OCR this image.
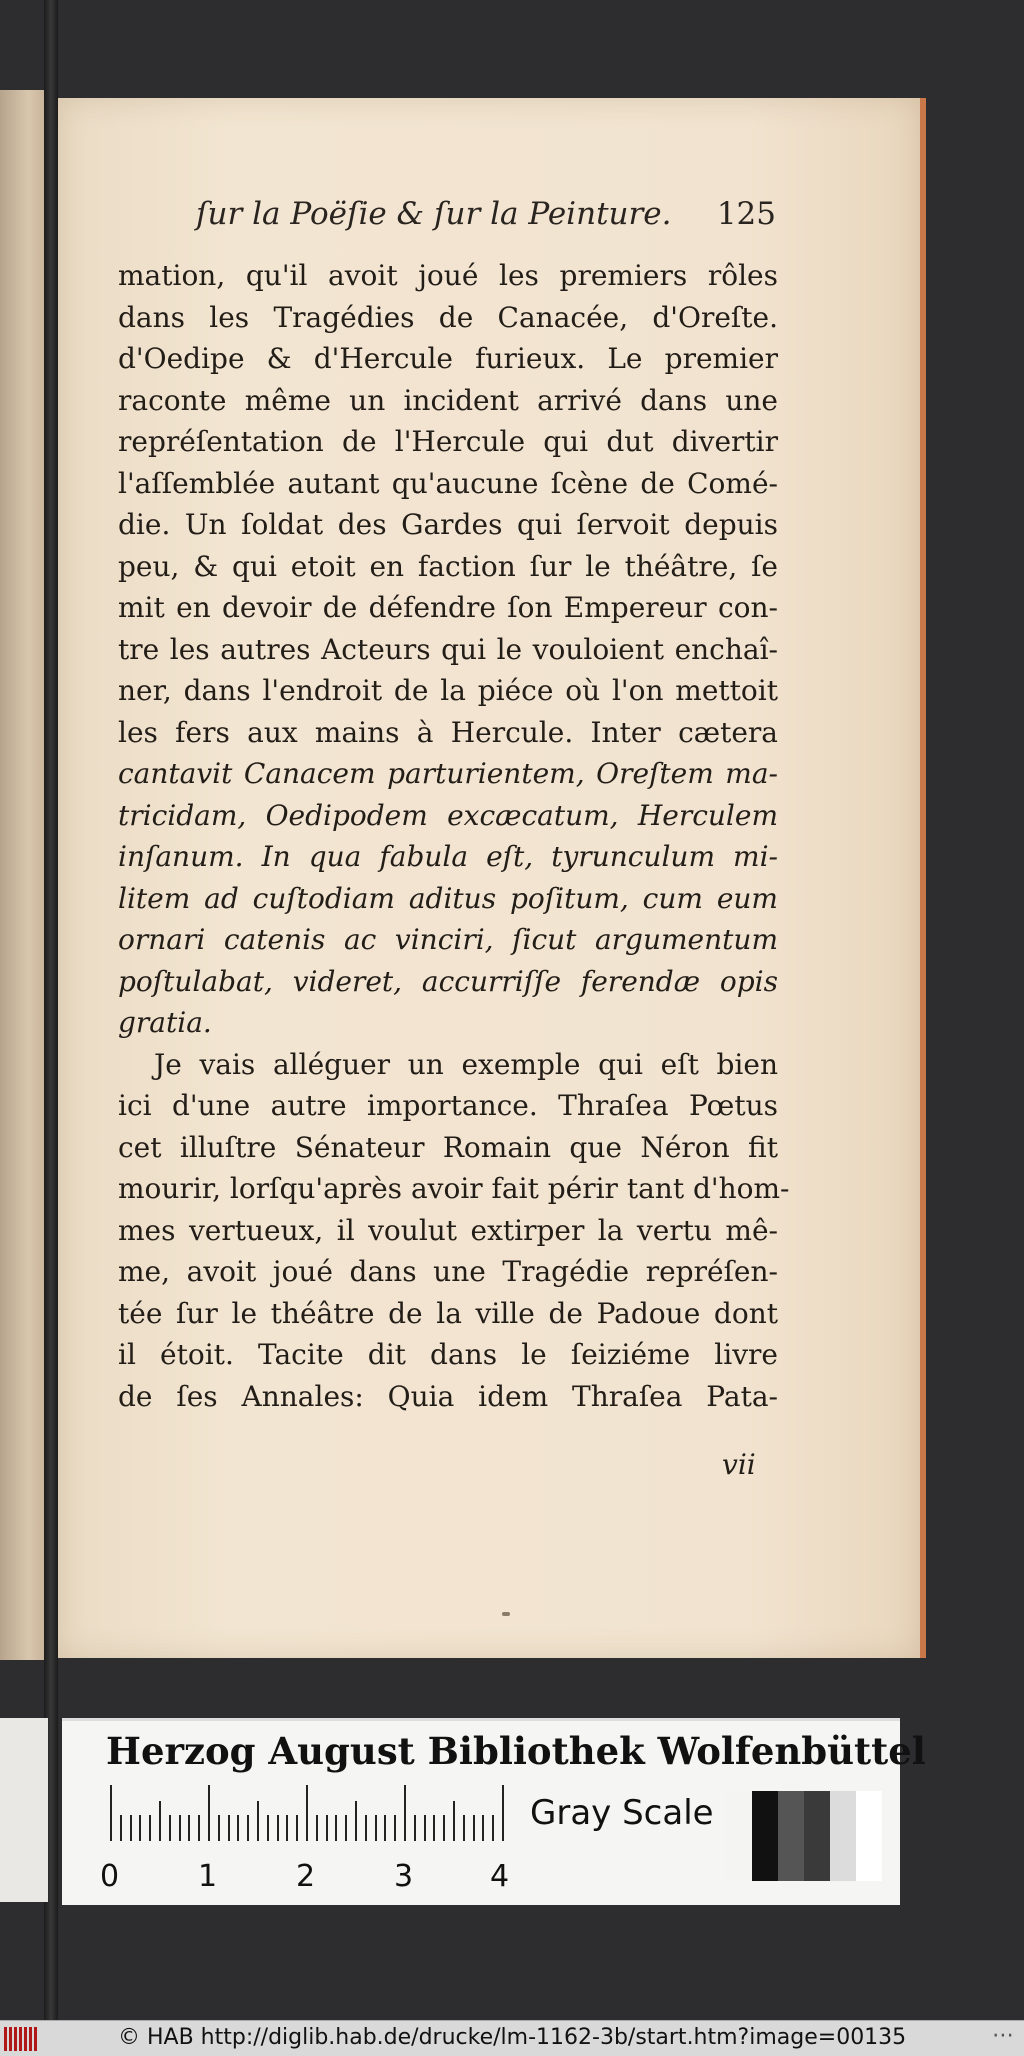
ſur la Poëſie & ſur la Peinture. 125
mation, qu'il avoit joué les premiers rôles
dans les Tragédies de Canacée, d'Oreſte.
d'Oedipe & d'Hercule furieux. Le premier
raconte même un incident arrivé dans une
repréſentation de l'Hercule qui dut divertir
l'aſſemblée autant qu'aucune ſcène de Comé-
die. Un ſoldat des Gardes qui ſervoit depuis
peu, & qui etoit en faction ſur le théâtre, ſe
mit en devoir de défendre ſon Empereur con-
tre les autres Acteurs qui le vouloient enchaî-
ner, dans l'endroit de la piéce où l'on mettoit
les fers aux mains à Hercule. Inter cætera
cantavit Canacem parturientem, Oreſtem ma-
tricidam, Oedipodem excæcatum, Herculem
inſanum. In qua fabula eſt, tyrunculum mi-
litem ad cuſtodiam aditus poſitum, cum eum
ornari catenis ac vinciri, ſicut argumentum
poſtulabat, videret, accurriſſe ferendæ opis
gratia.
Je vais alléguer un exemple qui eſt bien
ici d'une autre importance. Thraſea Pœtus
cet illuſtre Sénateur Romain que Néron fit
mourir, lorſqu'après avoir fait périr tant d'hom-
mes vertueux, il voulut extirper la vertu mê-
me, avoit joué dans une Tragédie repréſen-
tée ſur le théâtre de la ville de Padoue dont
il étoit. Tacite dit dans le ſeiziéme livre
de ſes Annales: Quia idem Thraſea Pata-
vii
Herzog August Bibliothek Wolfenbüttel
0	1	2	3	4
Gray Scale
© HAB http://diglib.hab.de/drucke/lm-1162-3b/start.htm?image=00135	⋯
